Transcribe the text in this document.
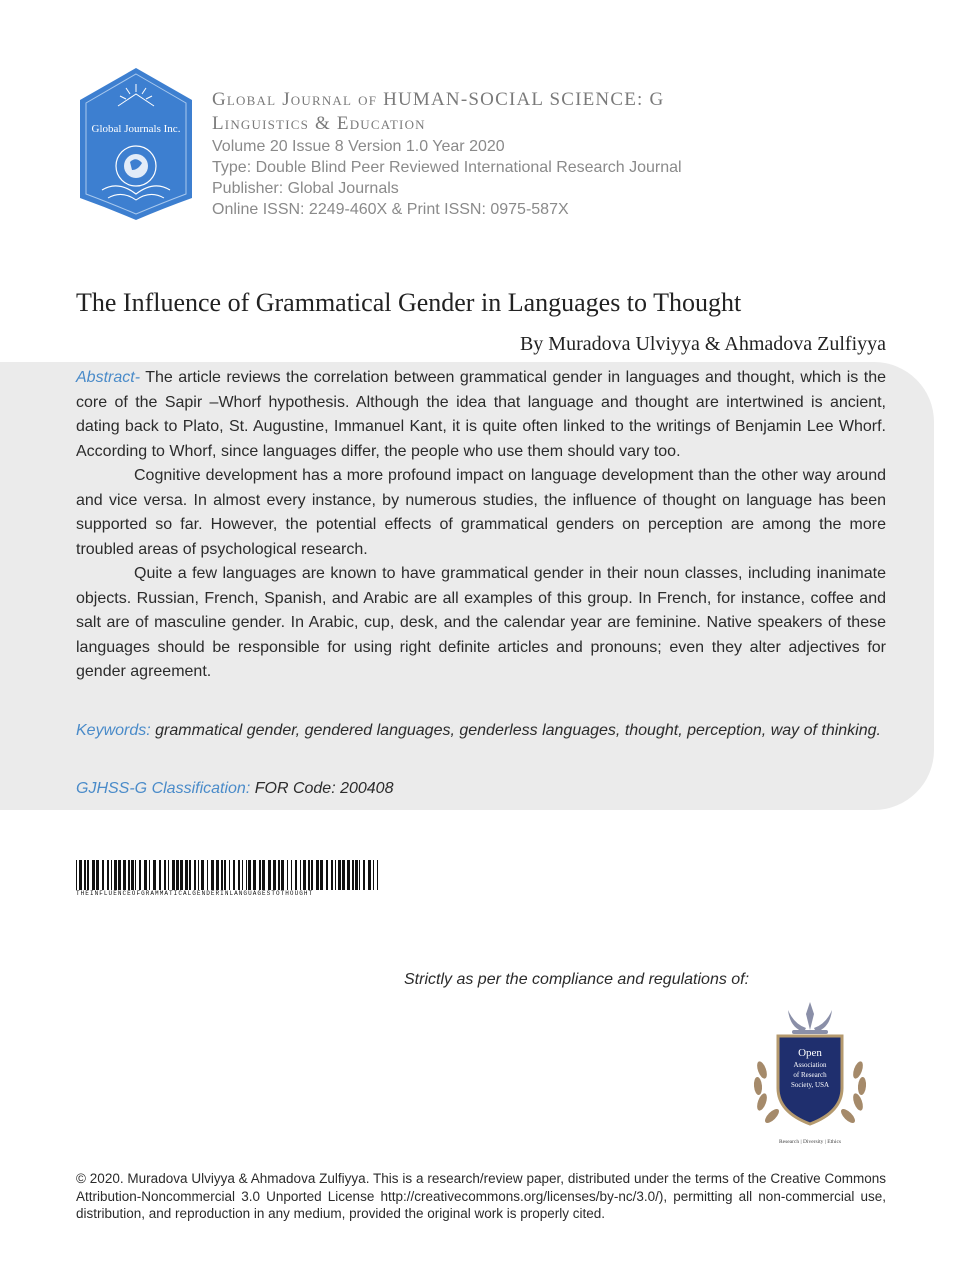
Global Journals Inc.
Global Journal of HUMAN-SOCIAL SCIENCE: G
Linguistics & Education
Volume 20 Issue 8 Version 1.0 Year 2020
Type: Double Blind Peer Reviewed International Research Journal
Publisher: Global Journals
Online ISSN: 2249-460X & Print ISSN: 0975-587X
The Influence of Grammatical Gender in Languages to Thought
By Muradova Ulviyya & Ahmadova Zulfiyya

Abstract- The article reviews the correlation between grammatical gender in languages and thought, which is the core of the Sapir –Whorf hypothesis. Although the idea that language and thought are intertwined is ancient, dating back to Plato, St. Augustine, Immanuel Kant, it is quite often linked to the writings of Benjamin Lee Whorf. According to Whorf, since languages differ, the people who use them should vary too.

Cognitive development has a more profound impact on language development than the other way around and vice versa. In almost every instance, by numerous studies, the influence of thought on language has been supported so far. However, the potential effects of grammatical genders on perception are among the more troubled areas of psychological research.

Quite a few languages are known to have grammatical gender in their noun classes, including inanimate objects. Russian, French, Spanish, and Arabic are all examples of this group. In French, for instance, coffee and salt are of masculine gender. In Arabic, cup, desk, and the calendar year are feminine. Native speakers of these languages should be responsible for using right definite articles and pronouns; even they alter adjectives for gender agreement.

Keywords: grammatical gender, gendered languages, genderless languages, thought, perception, way of thinking.
GJHSS-G Classification: FOR Code: 200408
THEINFLUENCEOFGRAMMATICALGENDERINLANGUAGESTOTHOUGHT
Strictly as per the compliance and regulations of:
Open
Association
of Research
Society, USA
Research | Diversity | Ethics
© 2020. Muradova Ulviyya & Ahmadova Zulfiyya. This is a research/review paper, distributed under the terms of the Creative Commons Attribution-Noncommercial 3.0 Unported License http://creativecommons.org/licenses/by-nc/3.0/), permitting all non-commercial use, distribution, and reproduction in any medium, provided the original work is properly cited.
